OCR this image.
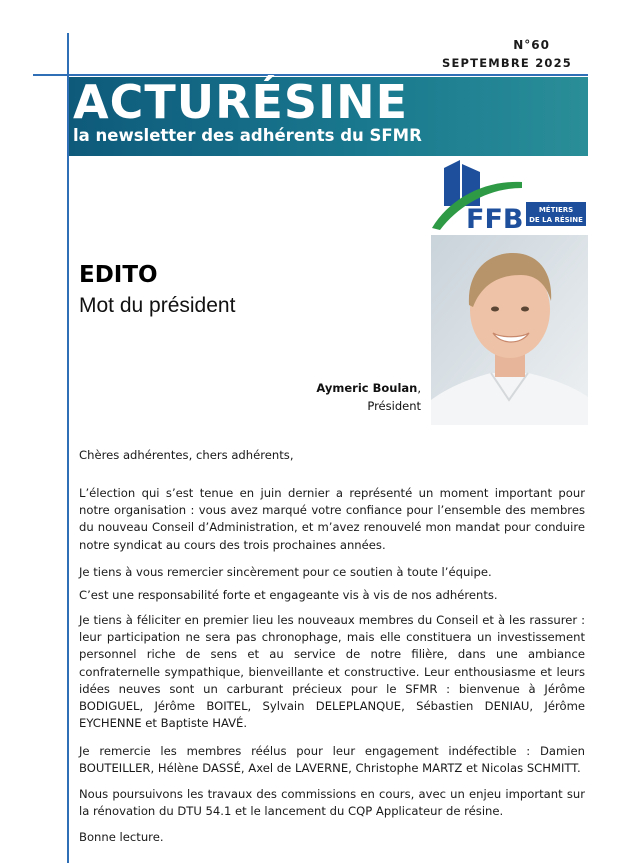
N°60
SEPTEMBRE 2025
ACTURÉSINE
la newsletter des adhérents du SFMR
FFB MÉTIERS
DE LA RÉSINE
EDITO
Mot du président
Aymeric Boulan,
Président

Chères adhérentes, chers adhérents,

L’élection qui s’est tenue en juin dernier a représenté un moment important pour notre organisation : vous avez marqué votre confiance pour l’ensemble des membres du nouveau Conseil d’Administration, et m’avez renouvelé mon mandat pour conduire notre syndicat au cours des trois prochaines années.

Je tiens à vous remercier sincèrement pour ce soutien à toute l’équipe.

C’est une responsabilité forte et engageante vis à vis de nos adhérents.

Je tiens à féliciter en premier lieu les nouveaux membres du Conseil et à les rassurer : leur participation ne sera pas chronophage, mais elle constituera un investissement personnel riche de sens et au service de notre filière, dans une ambiance confraternelle sympathique, bienveillante et constructive. Leur enthousiasme et leurs idées neuves sont un carburant précieux pour le SFMR : bienvenue à Jérôme BODIGUEL, Jérôme BOITEL, Sylvain DELEPLANQUE, Sébastien DENIAU, Jérôme EYCHENNE et Baptiste HAVÉ.

Je remercie les membres réélus pour leur engagement indéfectible : Damien BOUTEILLER, Hélène DASSÉ, Axel de LAVERNE, Christophe MARTZ et Nicolas SCHMITT.

Nous poursuivons les travaux des commissions en cours, avec un enjeu important sur la rénovation du DTU 54.1 et le lancement du CQP Applicateur de résine.

Bonne lecture.
